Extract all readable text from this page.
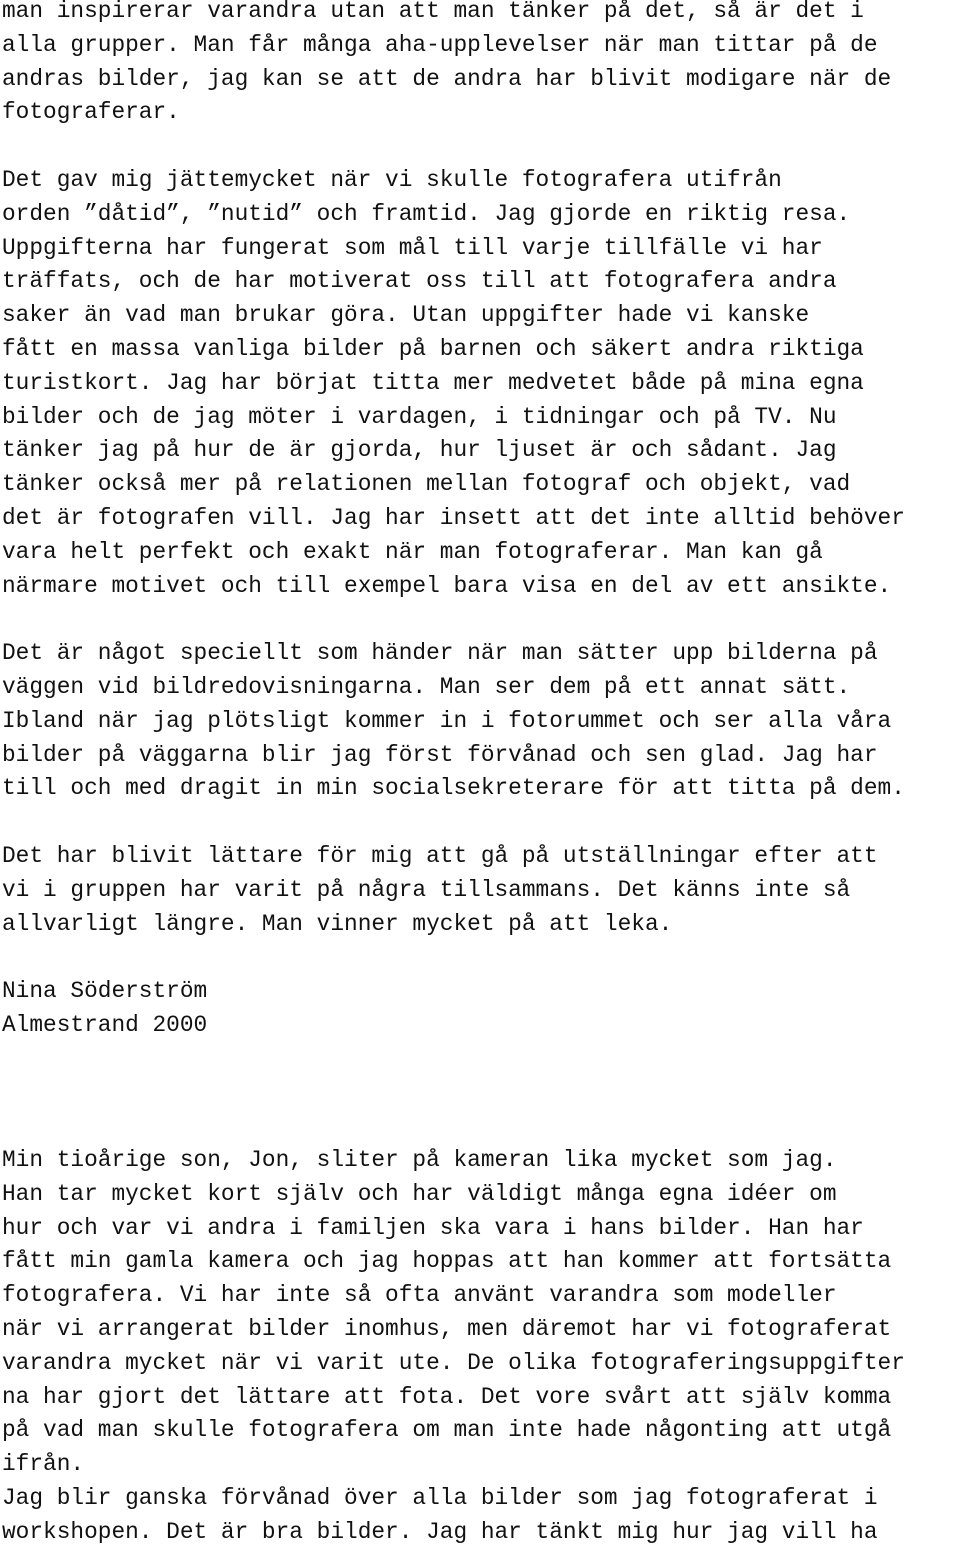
man inspirerar varandra utan att man tänker på det, så är det i
alla grupper. Man får många aha-upplevelser när man tittar på de
andras bilder, jag kan se att de andra har blivit modigare när de
fotograferar.
Det gav mig jättemycket när vi skulle fotografera utifrån
orden ”dåtid”, ”nutid” och framtid. Jag gjorde en riktig resa.
Uppgifterna har fungerat som mål till varje tillfälle vi har
träffats, och de har motiverat oss till att fotografera andra
saker än vad man brukar göra. Utan uppgifter hade vi kanske
fått en massa vanliga bilder på barnen och säkert andra riktiga
turistkort. Jag har börjat titta mer medvetet både på mina egna
bilder och de jag möter i vardagen, i tidningar och på TV. Nu
tänker jag på hur de är gjorda, hur ljuset är och sådant. Jag
tänker också mer på relationen mellan fotograf och objekt, vad
det är fotografen vill. Jag har insett att det inte alltid behöver
vara helt perfekt och exakt när man fotograferar. Man kan gå
närmare motivet och till exempel bara visa en del av ett ansikte.
Det är något speciellt som händer när man sätter upp bilderna på
väggen vid bildredovisningarna. Man ser dem på ett annat sätt.
Ibland när jag plötsligt kommer in i fotorummet och ser alla våra
bilder på väggarna blir jag först förvånad och sen glad. Jag har
till och med dragit in min socialsekreterare för att titta på dem.
Det har blivit lättare för mig att gå på utställningar efter att
vi i gruppen har varit på några tillsammans. Det känns inte så
allvarligt längre. Man vinner mycket på att leka.
Nina Söderström
Almestrand 2000
Min tioårige son, Jon, sliter på kameran lika mycket som jag.
Han tar mycket kort själv och har väldigt många egna idéer om
hur och var vi andra i familjen ska vara i hans bilder. Han har
fått min gamla kamera och jag hoppas att han kommer att fortsätta
fotografera. Vi har inte så ofta använt varandra som modeller
när vi arrangerat bilder inomhus, men däremot har vi fotograferat
varandra mycket när vi varit ute. De olika fotograferingsuppgifter
na har gjort det lättare att fota. Det vore svårt att själv komma
på vad man skulle fotografera om man inte hade någonting att utgå
ifrån.
Jag blir ganska förvånad över alla bilder som jag fotograferat i
workshopen. Det är bra bilder. Jag har tänkt mig hur jag vill ha
